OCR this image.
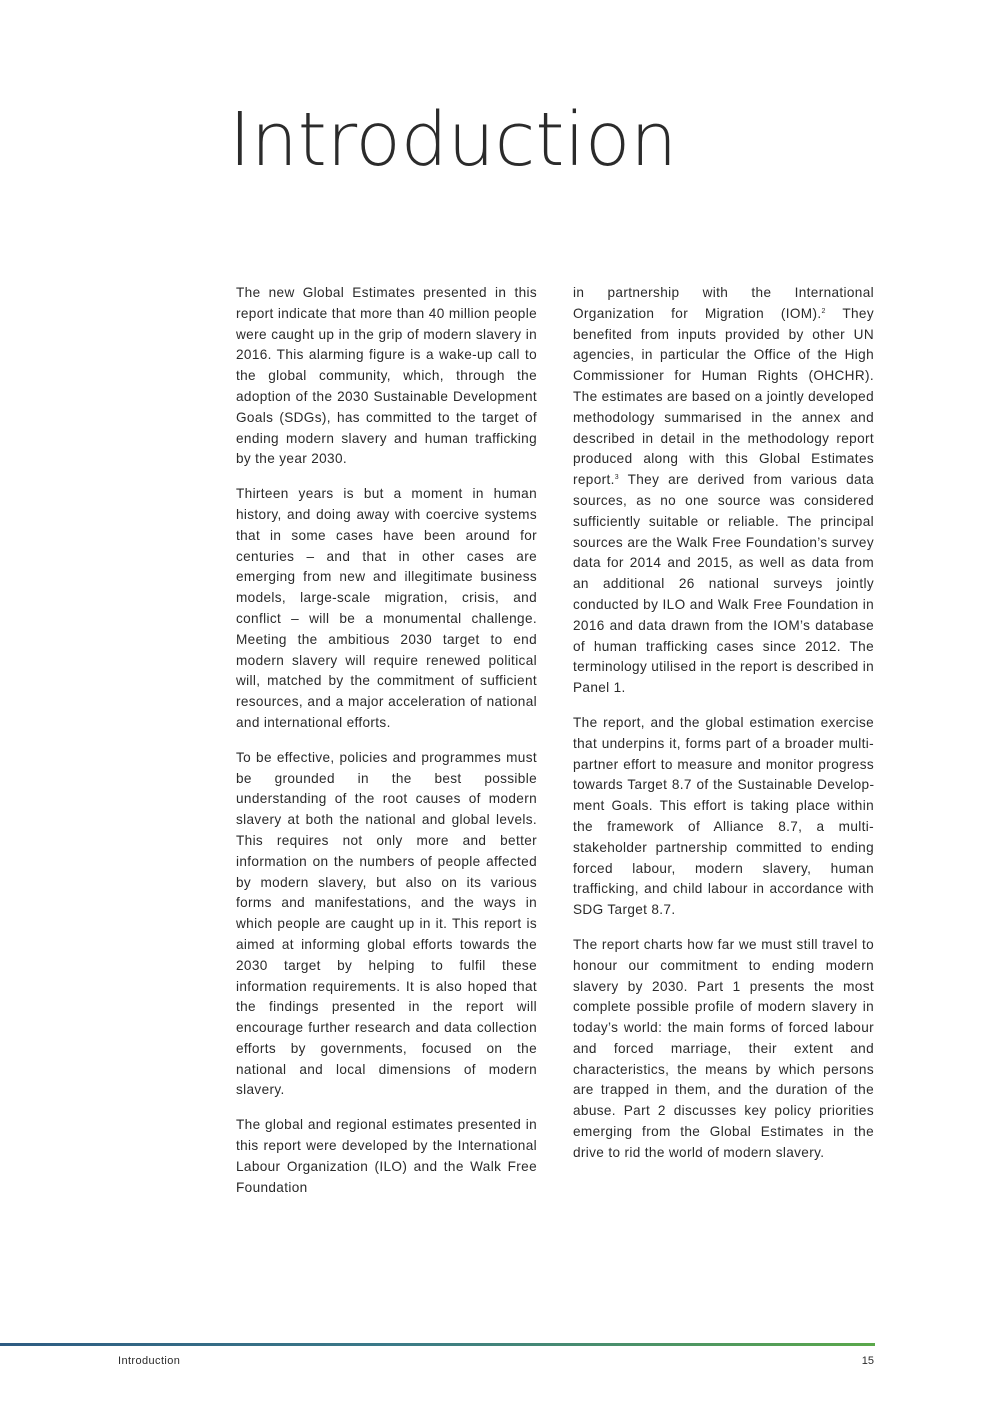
Introduction

The new Global Estimates presented in this report indicate that more than 40 million people were caught up in the grip of modern slavery in 2016. This alarming figure is a wake-up call to the global community, which, through the adoption of the 2030 Sustainable Development Goals (SDGs), has committed to the target of ending modern slavery and human trafficking by the year 2030.

Thirteen years is but a moment in human history, and doing away with coercive systems that in some cases have been around for centuries – and that in other cases are emerging from new and illegitimate business models, large-scale migration, crisis, and conflict – will be a monumental challenge. Meeting the ambitious 2030 target to end modern slavery will require renewed political will, matched by the commitment of sufficient resources, and a major acceleration of national and international efforts.

To be effective, policies and programmes must be grounded in the best possible understanding of the root causes of modern slavery at both the national and global levels. This requires not only more and better information on the numbers of people affected by modern slavery, but also on its various forms and manifestations, and the ways in which people are caught up in it. This report is aimed at informing global efforts towards the 2030 target by helping to fulfil these information requirements. It is also hoped that the findings presented in the report will encourage further research and data collection efforts by governments, focused on the national and local dimensions of modern slavery.

The global and regional estimates presented in this report were developed by the International Labour Organization (ILO) and the Walk Free Foundation

in partnership with the International Organization for Migration (IOM).$^2$ They benefited from inputs provided by other UN agencies, in particular the Office of the High Commissioner for Human Rights (OHCHR). The estimates are based on a jointly developed methodology summarised in the annex and described in detail in the methodology report produced along with this Global Estimates report.$^3$ They are derived from various data sources, as no one source was considered sufficiently suitable or reliable. The principal sources are the Walk Free Foundation’s survey data for 2014 and 2015, as well as data from an additional 26 national surveys jointly conducted by ILO and Walk Free Foundation in 2016 and data drawn from the IOM’s database of human trafficking cases since 2012. The terminology utilised in the report is described in Panel 1.

The report, and the global estimation exercise that underpins it, forms part of a broader multi-partner effort to measure and monitor progress towards Target 8.7 of the Sustainable Development Goals. This effort is taking place within the framework of Alliance 8.7, a multi-stakeholder partnership committed to ending forced labour, modern slavery, human trafficking, and child labour in accordance with SDG Target 8.7.

The report charts how far we must still travel to honour our commitment to ending modern slavery by 2030. Part 1 presents the most complete possible profile of modern slavery in today’s world: the main forms of forced labour and forced marriage, their extent and characteristics, the means by which persons are trapped in them, and the duration of the abuse. Part 2 discusses key policy priorities emerging from the Global Estimates in the drive to rid the world of modern slavery.

Introduction	15
